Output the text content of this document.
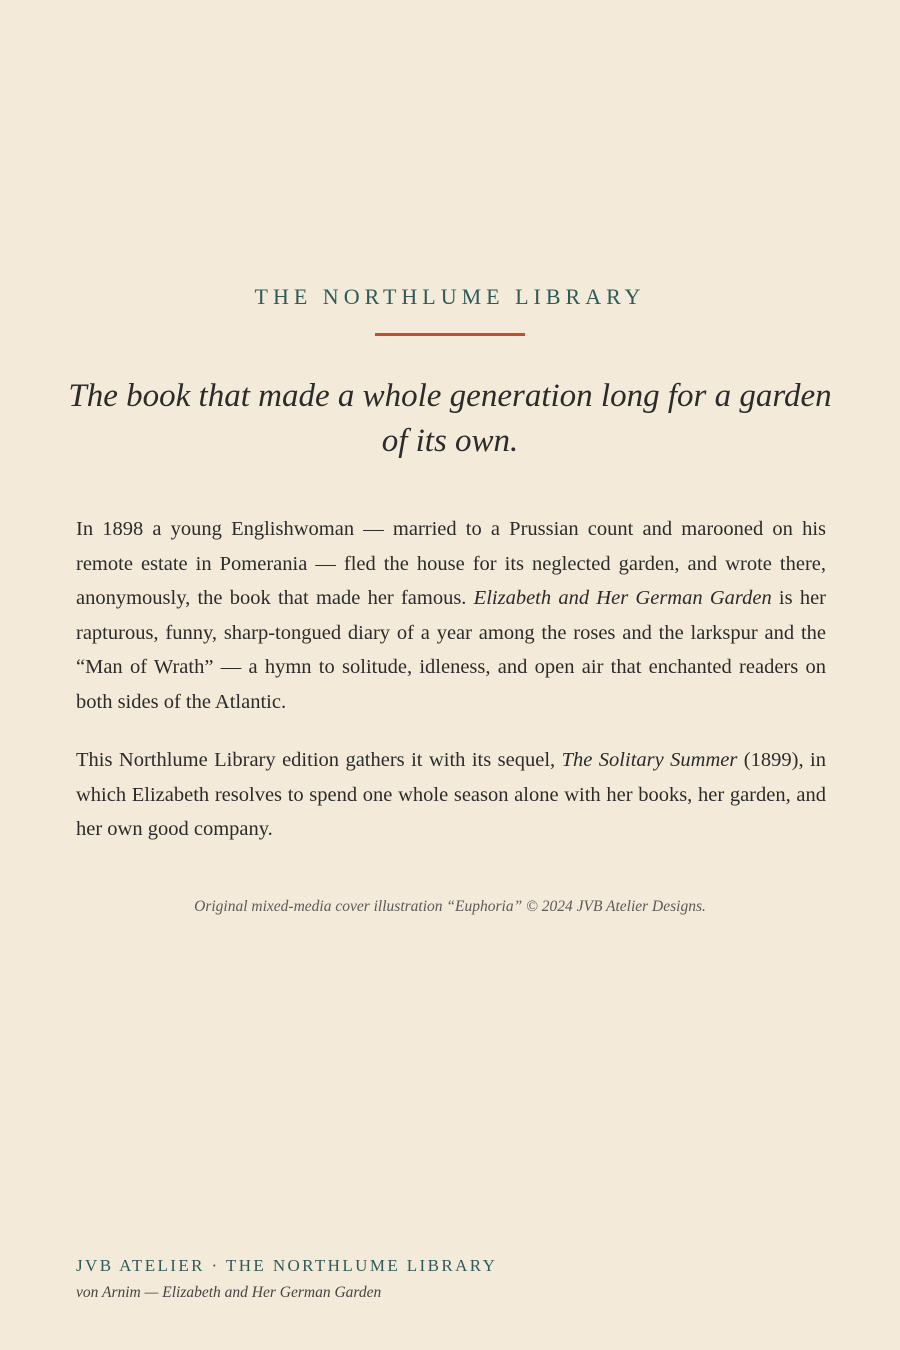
THE NORTHLUME LIBRARY
The book that made a whole generation long for a garden of its own.

In 1898 a young Englishwoman — married to a Prussian count and marooned on his remote estate in Pomerania — fled the house for its neglected garden, and wrote there, anonymously, the book that made her famous. Elizabeth and Her German Garden is her rapturous, funny, sharp-tongued diary of a year among the roses and the larkspur and the “Man of Wrath” — a hymn to solitude, idleness, and open air that enchanted readers on both sides of the Atlantic.

This Northlume Library edition gathers it with its sequel, The Solitary Summer (1899), in which Elizabeth resolves to spend one whole season alone with her books, her garden, and her own good company.

Original mixed-media cover illustration “Euphoria” © 2024 JVB Atelier Designs.
JVB ATELIER · THE NORTHLUME LIBRARY
von Arnim — Elizabeth and Her German Garden
